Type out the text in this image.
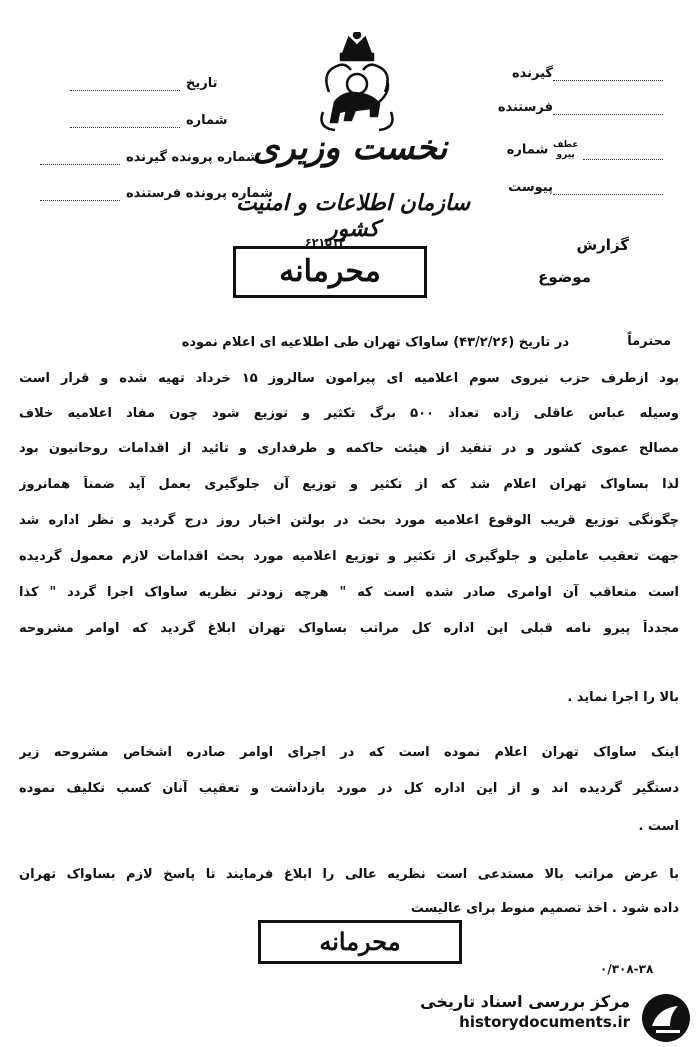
تاریخ
شماره
شماره پرونده گیرنده
شماره پرونده فرستنده
نخست وزیری
سازمان اطلاعات و امنیت کشور
گیرنده
فرستنده
عطف
پیرو شماره
پیوست
۶۲۱۵۱۲
محرمانه
گزارش
موضوع
محترماً
در تاریخ (۴۳/۲/۲۶) ساواک تهران طی اطلاعیه ای اعلام نموده
بود ازطرف حزب نیروی سوم اعلامیه ای پیرامون سالروز ۱۵ خرداد تهیه شده و قرار است
وسیله عباس عاقلی زاده تعداد ۵۰۰ برگ تکثیر و توزیع شود چون مفاد اعلامیه خلاف
مصالح عموی کشور و در تنقید از هیئت حاکمه و طرفداری و تائید از اقدامات روحانیون بود
لذا بساواک تهران اعلام شد که از تکثیر و توزیع آن جلوگیری بعمل آید ضمناً همانروز
چگونگی توزیع قریب الوقوع اعلامیه مورد بحث در بولتن اخبار روز درج گردید و نظر اداره شد
جهت تعقیب عاملین و جلوگیری از تکثیر و توزیع اعلامیه مورد بحث اقدامات لازم معمول گردیده
است متعاقب آن اوامری صادر شده است که " هرچه زودتر نظریه ساواک اجرا گردد " کذا
مجدداً پیرو نامه قبلی این اداره کل مراتب بساواک تهران ابلاغ گردید که اوامر مشروحه
بالا را اجرا نماید .
اینک ساواک تهران اعلام نموده است که در اجرای اوامر صادره اشخاص مشروحه زیر
دستگیر گردیده اند و از این اداره کل در مورد بازداشت و تعقیب آنان کسب تکلیف نموده
است .
با عرض مراتب بالا مستدعی است نظریه عالی را ابلاغ فرمایند تا پاسخ لازم بساواک تهران
داده شود . اخذ تصمیم منوط برای عالیست
محرمانه
۰/۳۰۸-۳۸
مرکز بررسی اسناد تاریخی
historydocuments.ir
